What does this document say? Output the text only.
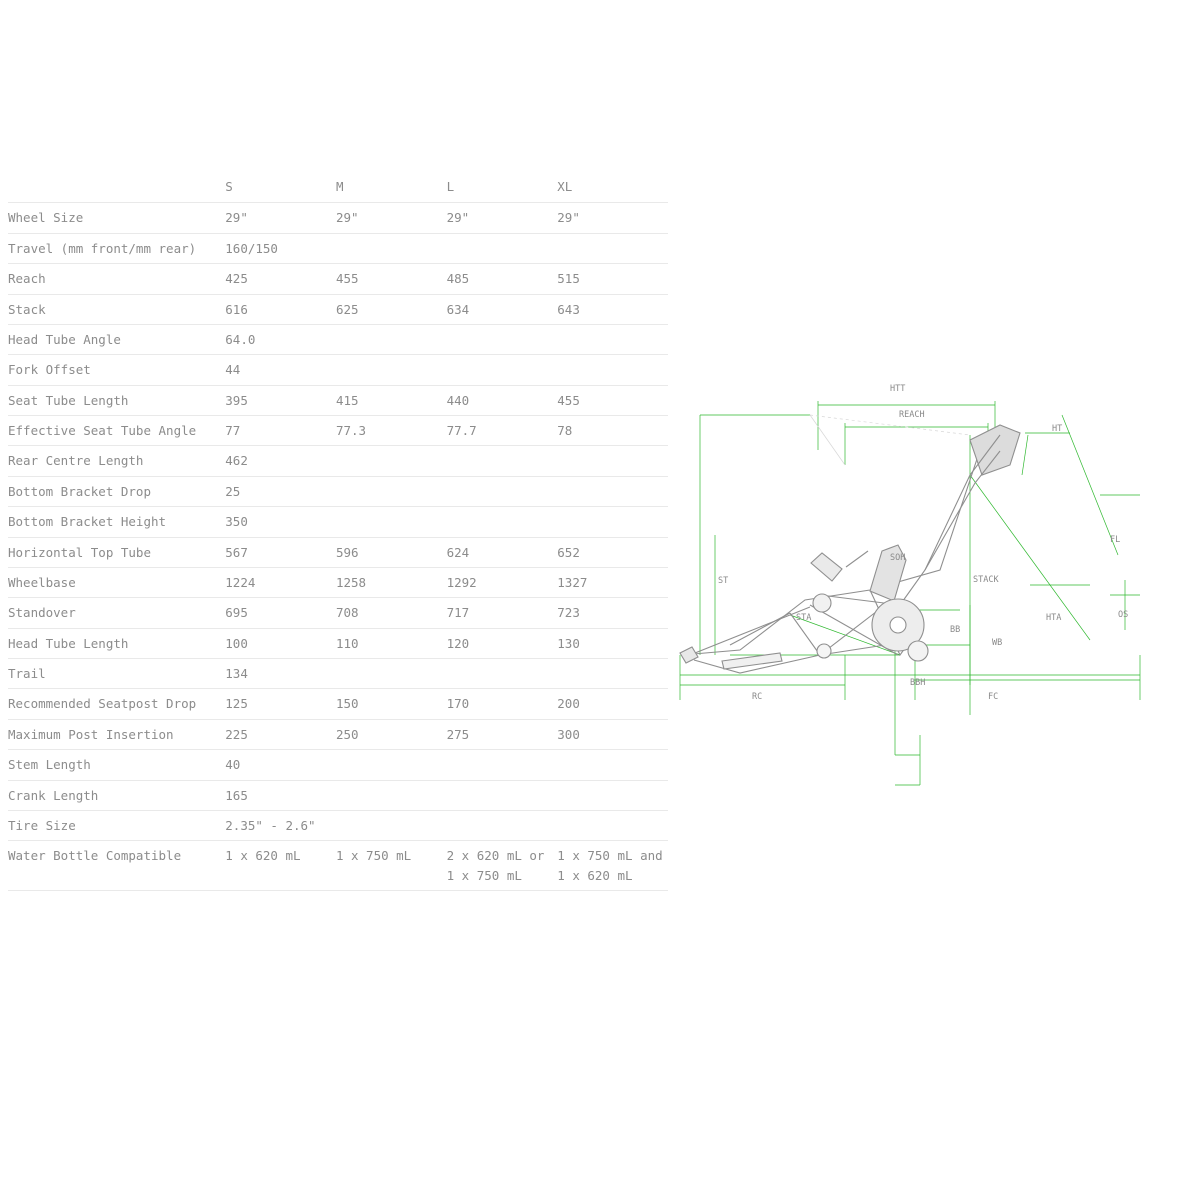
	S	M	L	XL
Wheel Size	29"	29"	29"	29"
Travel (mm front/mm rear)	160/150			
Reach	425	455	485	515
Stack	616	625	634	643
Head Tube Angle	64.0			
Fork Offset	44			
Seat Tube Length	395	415	440	455
Effective Seat Tube Angle	77	77.3	77.7	78
Rear Centre Length	462			
Bottom Bracket Drop	25			
Bottom Bracket Height	350			
Horizontal Top Tube	567	596	624	652
Wheelbase	1224	1258	1292	1327
Standover	695	708	717	723
Head Tube Length	100	110	120	130
Trail	134			
Recommended Seatpost Drop	125	150	170	200
Maximum Post Insertion	225	250	275	300
Stem Length	40			
Crank Length	165			
Tire Size	2.35" - 2.6"			
Water Bottle Compatible	1 x 620 mL	1 x 750 mL	2 x 620 mL or 1 x 750 mL	1 x 750 mL and 1 x 620 mL
HTT
REACH
HT
FL
ST
SOH
STACK
STA	HTA	OS
BB
WB
RC
BBH
FC
